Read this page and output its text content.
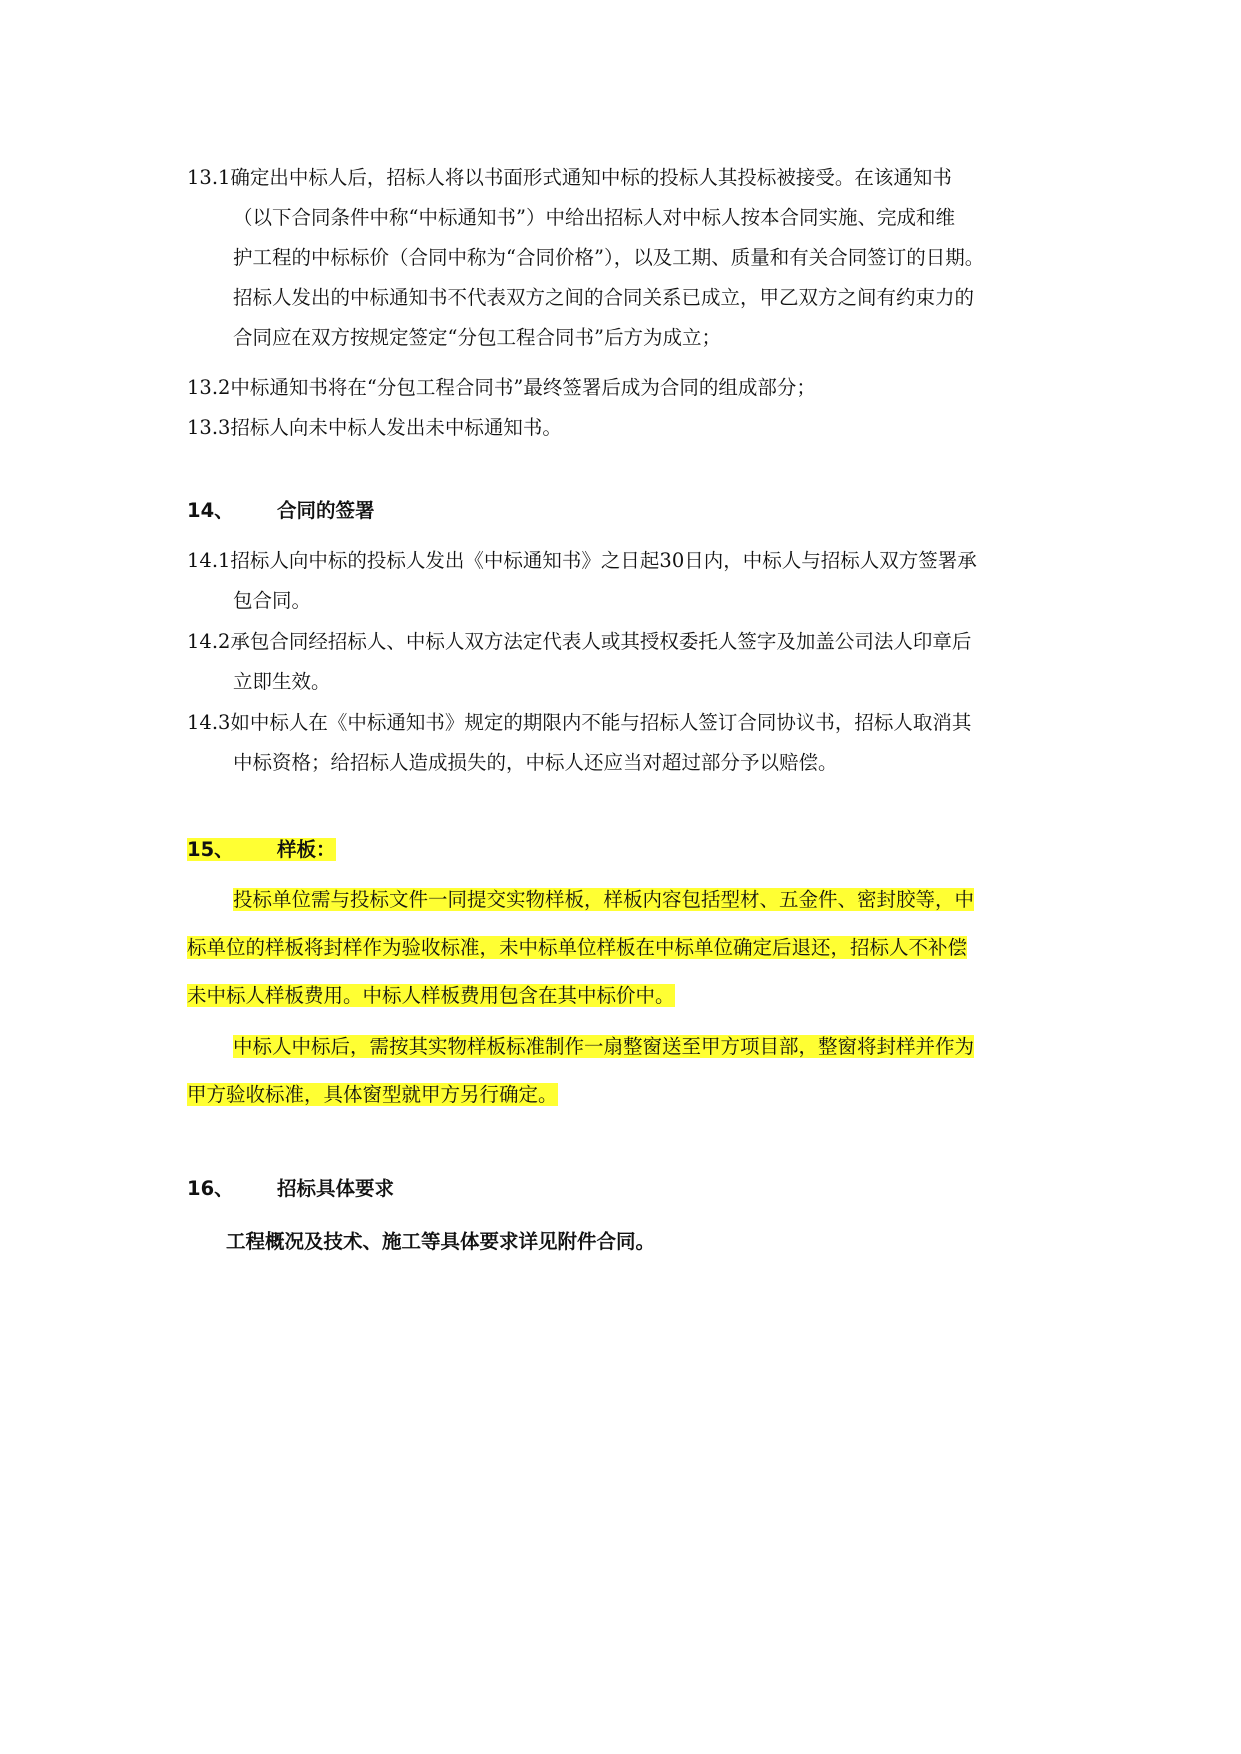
13.1确定出中标人后，招标人将以书面形式通知中标的投标人其投标被接受。在该通知书
（以下合同条件中称“中标通知书”）中给出招标人对中标人按本合同实施、完成和维
护工程的中标标价（合同中称为“合同价格”），以及工期、质量和有关合同签订的日期。
招标人发出的中标通知书不代表双方之间的合同关系已成立，甲乙双方之间有约束力的
合同应在双方按规定签定“分包工程合同书”后方为成立；
13.2中标通知书将在“分包工程合同书”最终签署后成为合同的组成部分；
13.3招标人向未中标人发出未中标通知书。
14、 合同的签署
14.1招标人向中标的投标人发出《中标通知书》之日起30日内，中标人与招标人双方签署承
包合同。
14.2承包合同经招标人、中标人双方法定代表人或其授权委托人签字及加盖公司法人印章后
立即生效。
14.3如中标人在《中标通知书》规定的期限内不能与招标人签订合同协议书，招标人取消其
中标资格；给招标人造成损失的，中标人还应当对超过部分予以赔偿。
15、 样板：
投标单位需与投标文件一同提交实物样板，样板内容包括型材、五金件、密封胶等，中
标单位的样板将封样作为验收标准，未中标单位样板在中标单位确定后退还，招标人不补偿
未中标人样板费用。中标人样板费用包含在其中标价中。
中标人中标后，需按其实物样板标准制作一扇整窗送至甲方项目部，整窗将封样并作为
甲方验收标准，具体窗型就甲方另行确定。
16、 招标具体要求
工程概况及技术、施工等具体要求详见附件合同。
